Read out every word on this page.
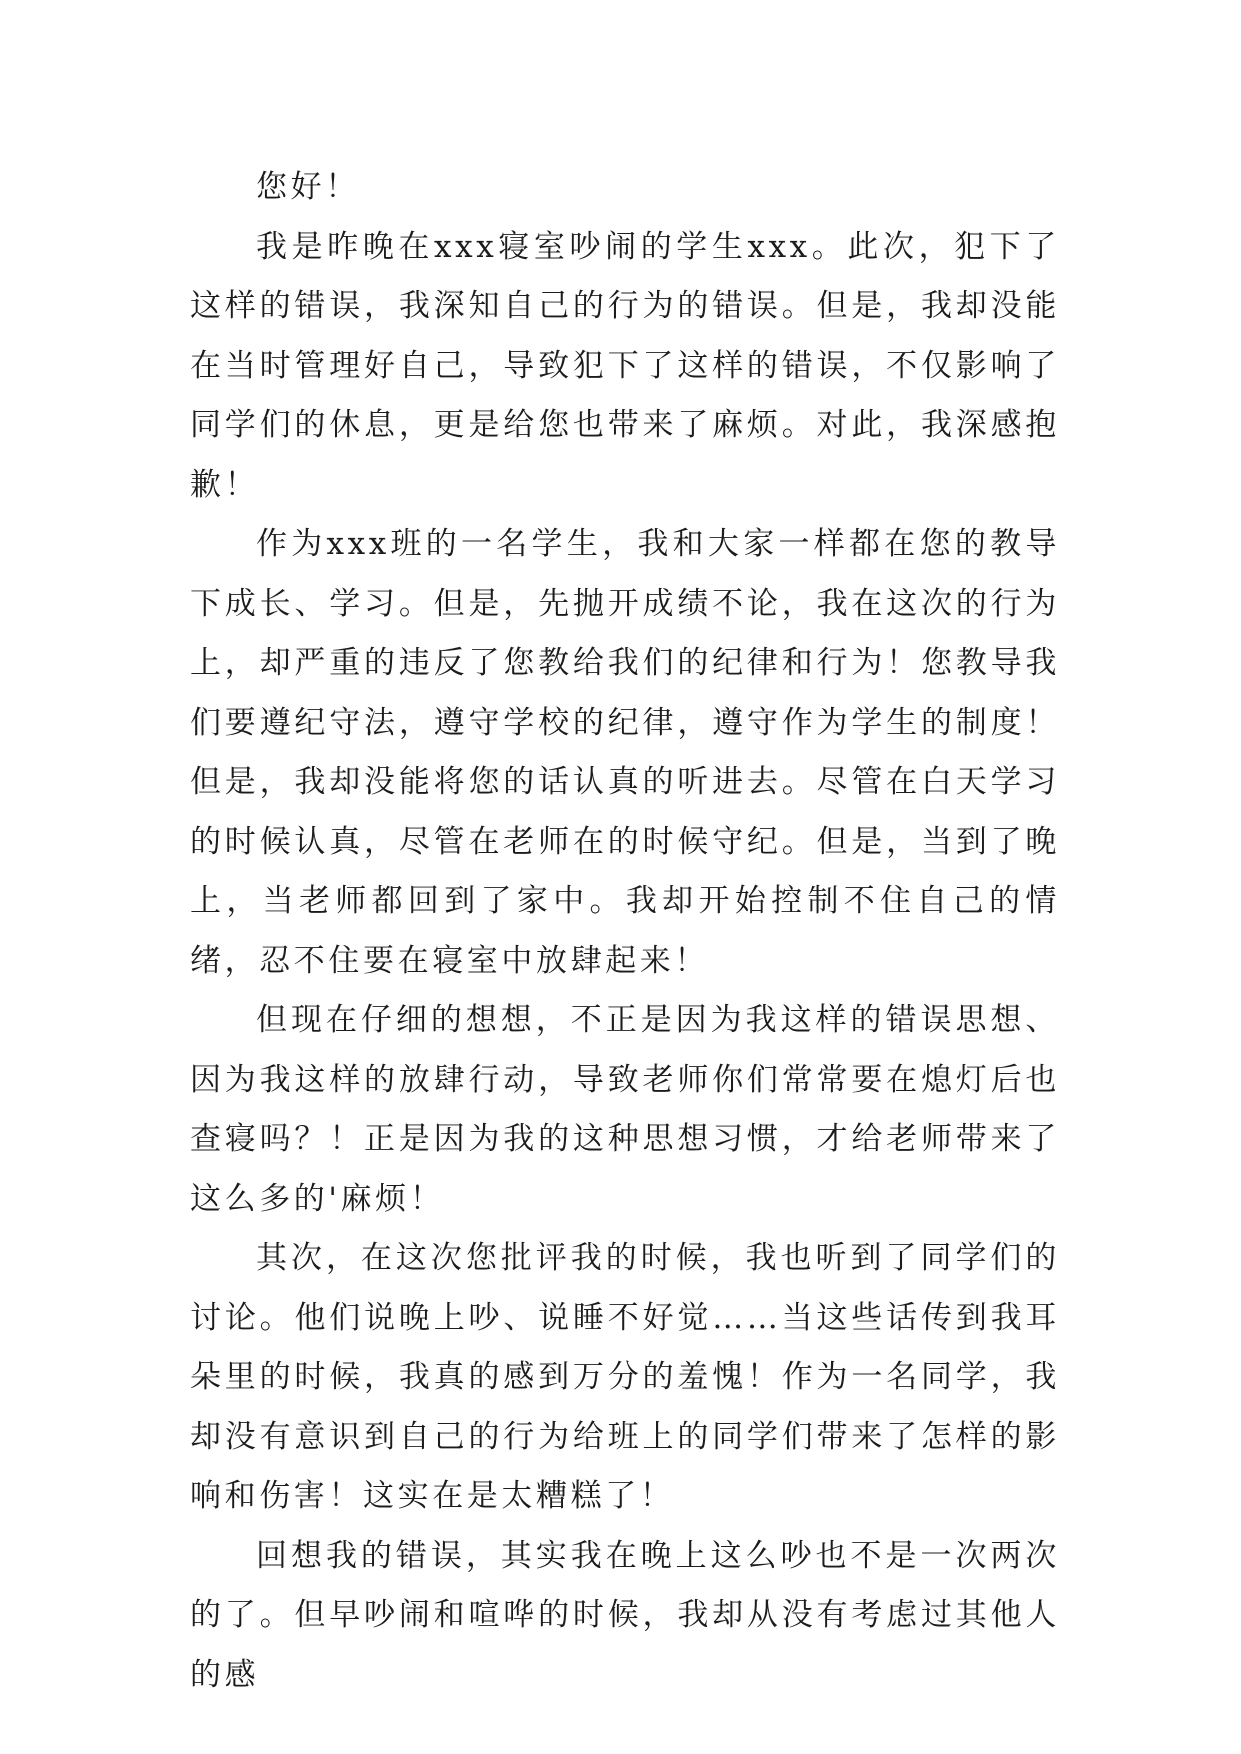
您好！

我是昨晚在xxx寝室吵闹的学生xxx。此次，犯下了这样的错误，我深知自己的行为的错误。但是，我却没能在当时管理好自己，导致犯下了这样的错误，不仅影响了同学们的休息，更是给您也带来了麻烦。对此，我深感抱歉！

作为xxx班的一名学生，我和大家一样都在您的教导下成长、学习。但是，先抛开成绩不论，我在这次的行为上，却严重的违反了您教给我们的纪律和行为！您教导我们要遵纪守法，遵守学校的纪律，遵守作为学生的制度！但是，我却没能将您的话认真的听进去。尽管在白天学习的时候认真，尽管在老师在的时候守纪。但是，当到了晚上，当老师都回到了家中。我却开始控制不住自己的情绪，忍不住要在寝室中放肆起来！

但现在仔细的想想，不正是因为我这样的错误思想、因为我这样的放肆行动，导致老师你们常常要在熄灯后也查寝吗？！正是因为我的这种思想习惯，才给老师带来了这么多的'麻烦！

其次，在这次您批评我的时候，我也听到了同学们的讨论。他们说晚上吵、说睡不好觉……当这些话传到我耳朵里的时候，我真的感到万分的羞愧！作为一名同学，我却没有意识到自己的行为给班上的同学们带来了怎样的影响和伤害！这实在是太糟糕了！

回想我的错误，其实我在晚上这么吵也不是一次两次的了。但早吵闹和喧哗的时候，我却从没有考虑过其他人的感
